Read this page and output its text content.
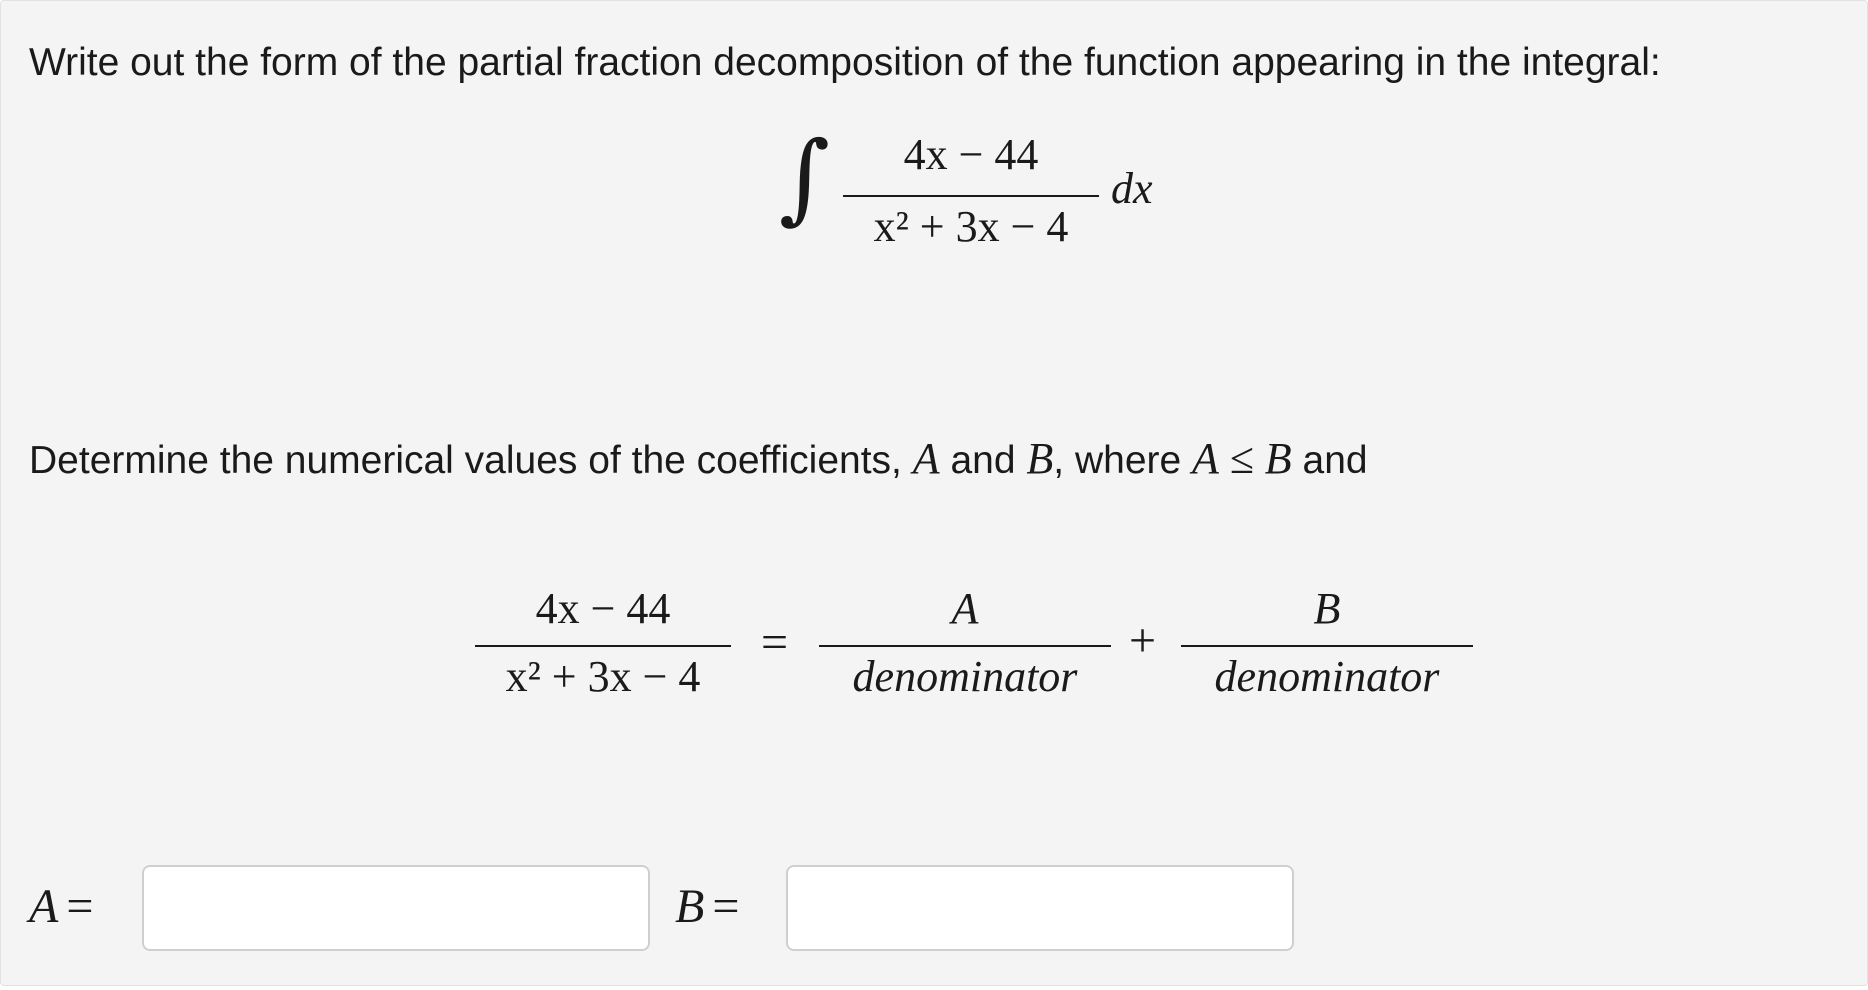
Write out the form of the partial fraction decomposition of the function appearing in the integral:
∫	4x − 44
x² + 3x − 4
dx
Determine the numerical values of the coefficients, A and B, where A ≤ B and
4x − 44
x² + 3x − 4
=
A
denominator
+
B
denominator
A =	B =
